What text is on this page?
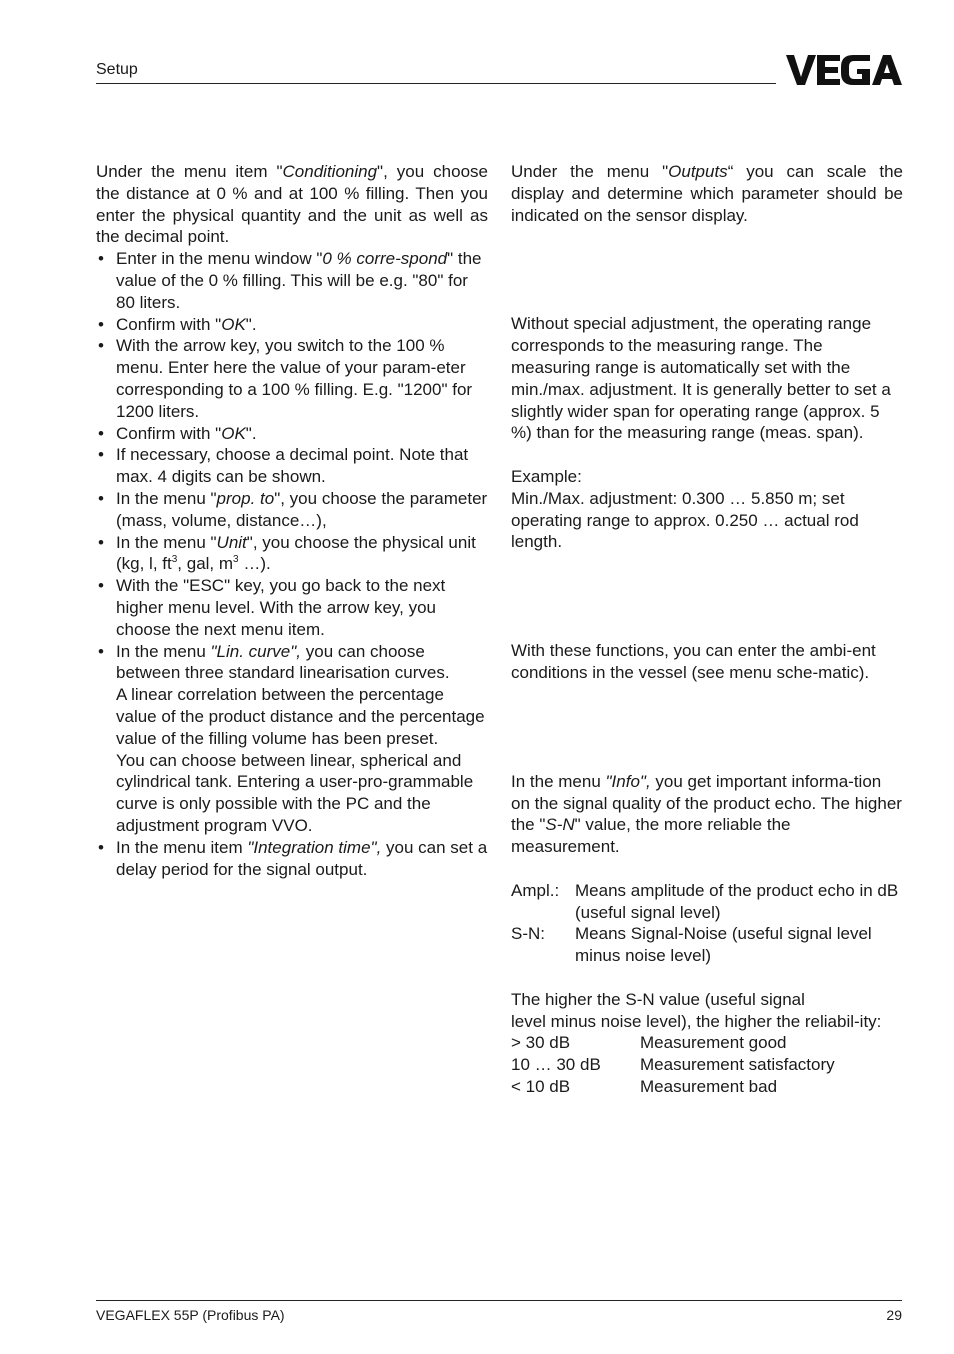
Setup

Under the menu item "Conditioning", you choose the distance at 0 % and at 100 % filling. Then you enter the physical quantity and the unit as well as the decimal point.

• Enter in the menu window "0 % corre-spond" the value of the 0 % filling. This will be e.g. "80" for 80 liters.
• Confirm with "OK".
• With the arrow key, you switch to the 100 % menu. Enter here the value of your param-eter corresponding to a 100 % filling. E.g. "1200" for 1200 liters.
• Confirm with "OK".
• If necessary, choose a decimal point. Note that max. 4 digits can be shown.
• In the menu "prop. to", you choose the parameter (mass, volume, distance…),
• In the menu "Unit", you choose the physical unit (kg, l, $ft^3$, gal, $m^3$ …).
• With the "ESC" key, you go back to the next higher menu level. With the arrow key, you choose the next menu item.
• In the menu "Lin. curve", you can choose between three standard linearisation curves.
A linear correlation between the percentage value of the product distance and the percentage value of the filling volume has been preset.
You can choose between linear, spherical and cylindrical tank. Entering a user-pro-grammable curve is only possible with the PC and the adjustment program VVO.
• In the menu item "Integration time", you can set a delay period for the signal output.

Under the menu "Outputs“ you can scale the display and determine which parameter should be indicated on the sensor display.

Without special adjustment, the operating range corresponds to the measuring range. The measuring range is automatically set with the min./max. adjustment. It is generally better to set a slightly wider span for operating range (approx. 5 %) than for the measuring range (meas. span).

Example:

Min./Max. adjustment: 0.300 … 5.850 m; set operating range to approx. 0.250 … actual rod length.

With these functions, you can enter the ambi-ent conditions in the vessel (see menu sche-matic).

In the menu "Info", you get important informa-tion on the signal quality of the product echo. The higher the "S-N" value, the more reliable the measurement.

Ampl.: Means amplitude of the product echo in dB (useful signal level)
S-N:	Means Signal-Noise (useful signal level minus noise level)

The higher the S-N value (useful signal

level minus noise level), the higher the reliabil-ity:

> 30 dB	Measurement good
10 … 30 dB	Measurement satisfactory
< 10 dB	Measurement bad
VEGAFLEX 55P (Profibus PA)	29
